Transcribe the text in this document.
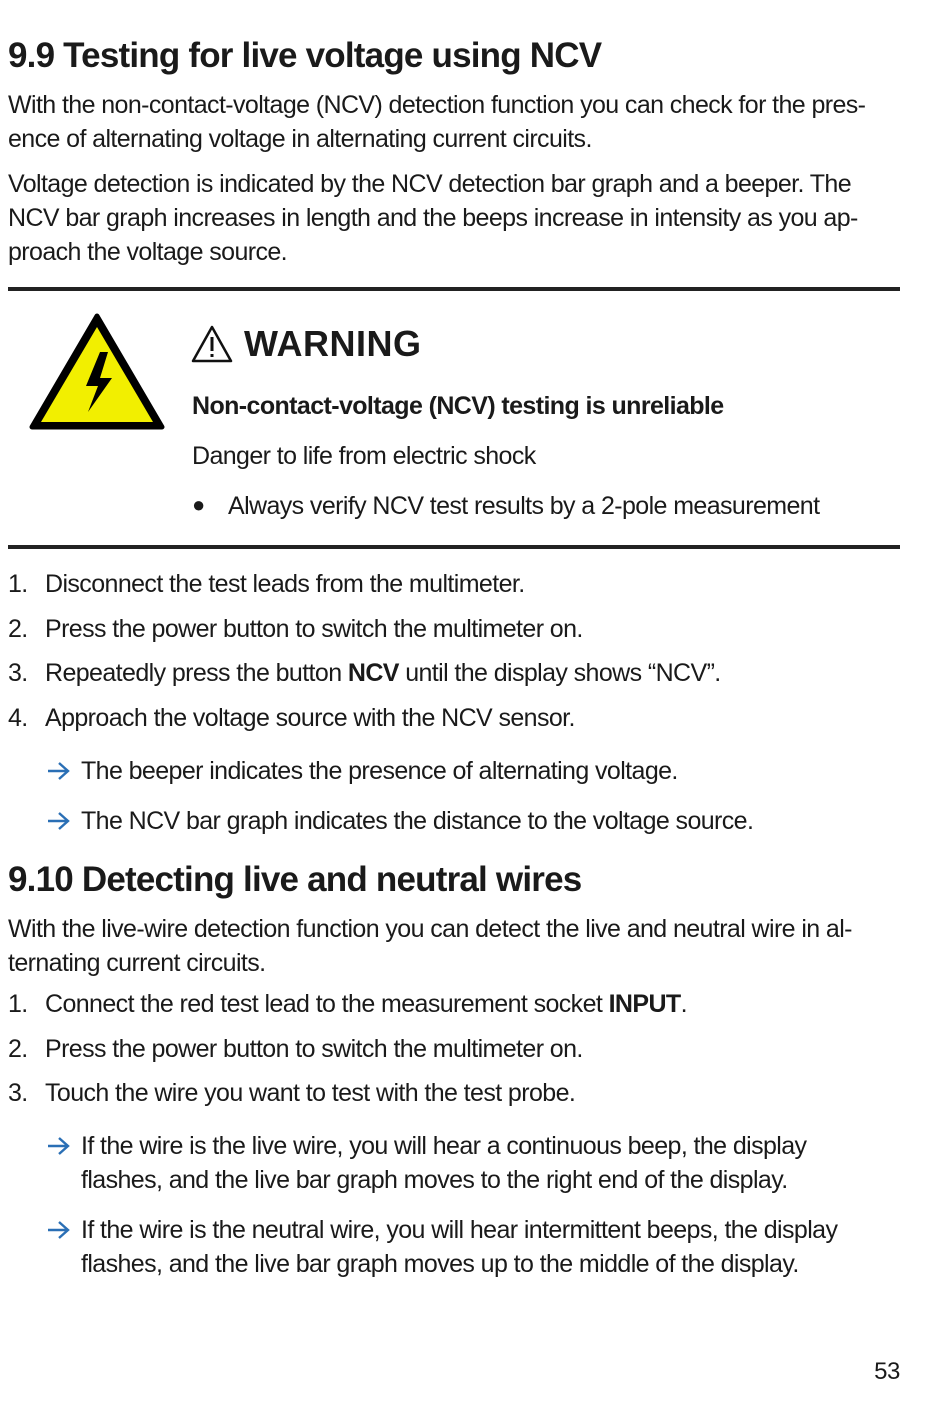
9.9 Testing for live voltage using NCV

With the non-contact-voltage (NCV) detection function you can check for the pres-
ence of alternating voltage in alternating current circuits.

Voltage detection is indicated by the NCV detection bar graph and a beeper. The
NCV bar graph increases in length and the beeps increase in intensity as you ap-
proach the voltage source.

WARNING
Non-contact-voltage (NCV) testing is unreliable
Danger to life from electric shock
● Always verify NCV test results by a 2-pole measurement
1. Disconnect the test leads from the multimeter.
2. Press the power button to switch the multimeter on.
3. Repeatedly press the button NCV until the display shows “NCV”.
4. Approach the voltage source with the NCV sensor.
The beeper indicates the presence of alternating voltage.
The NCV bar graph indicates the distance to the voltage source.
9.10 Detecting live and neutral wires

With the live-wire detection function you can detect the live and neutral wire in al-
ternating current circuits.

1. Connect the red test lead to the measurement socket INPUT.
2. Press the power button to switch the multimeter on.
3. Touch the wire you want to test with the test probe.
If the wire is the live wire, you will hear a continuous beep, the display
flashes, and the live bar graph moves to the right end of the display.
If the wire is the neutral wire, you will hear intermittent beeps, the display
flashes, and the live bar graph moves up to the middle of the display.
53
